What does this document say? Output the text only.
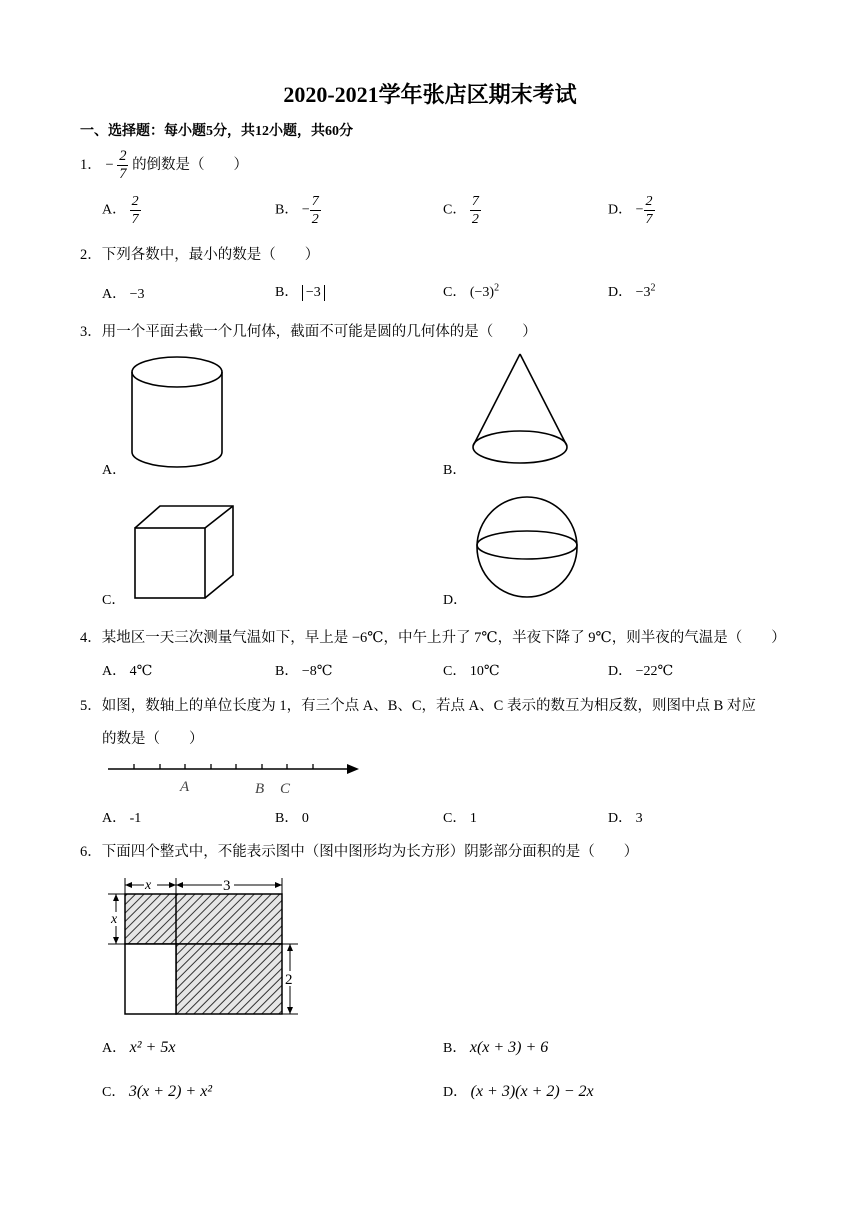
2020-2021学年张店区期末考试
一、选择题：每小题5分，共12小题，共60分
1． − $\frac{2}{7}$ 的倒数是（　　）
A． $\frac{2}{7}$	B． − $\frac{7}{2}$	C． $\frac{7}{2}$	D． − $\frac{2}{7}$
2．下列各数中，最小的数是（　　）
A． −3	B． −3	C． $(-3)^2$	D． $-3^2$
3．用一个平面去截一个几何体，截面不可能是圆的几何体的是（　　）
A．	B．
C．	D．
4．某地区一天三次测量气温如下，早上是 −6℃，中午上升了 7℃，半夜下降了 9℃，则半夜的气温是（　　）
A． 4℃	B． −8℃	C． 10℃	D． −22℃
5．如图，数轴上的单位长度为 1，有三个点 A、B、C，若点 A、C 表示的数互为相反数，则图中点 B 对应
的数是（　　）
A	B C
A． -1	B． 0	C． 1	D． 3
6．下面四个整式中，不能表示图中（图中图形均为长方形）阴影部分面积的是（　　）
x	3
x
2
A． x² + 5x	B． x(x + 3) + 6
C． 3(x + 2) + x²	D． (x + 3)(x + 2) − 2x
